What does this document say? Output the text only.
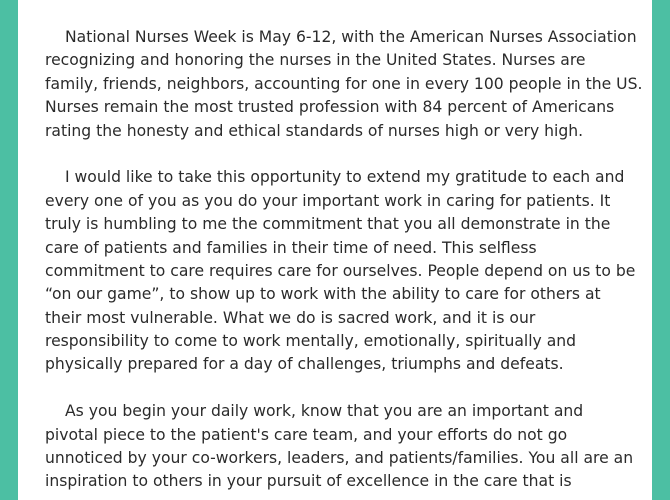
National Nurses Week is May 6-12, with the American Nurses Association
recognizing and honoring the nurses in the United States. Nurses are
family, friends, neighbors, accounting for one in every 100 people in the US.
Nurses remain the most trusted profession with 84 percent of Americans
rating the honesty and ethical standards of nurses high or very high.
I would like to take this opportunity to extend my gratitude to each and
every one of you as you do your important work in caring for patients. It
truly is humbling to me the commitment that you all demonstrate in the
care of patients and families in their time of need. This selfless
commitment to care requires care for ourselves. People depend on us to be
“on our game”, to show up to work with the ability to care for others at
their most vulnerable. What we do is sacred work, and it is our
responsibility to come to work mentally, emotionally, spiritually and
physically prepared for a day of challenges, triumphs and defeats.
As you begin your daily work, know that you are an important and
pivotal piece to the patient's care team, and your efforts do not go
unnoticed by your co-workers, leaders, and patients/families. You all are an
inspiration to others in your pursuit of excellence in the care that is
